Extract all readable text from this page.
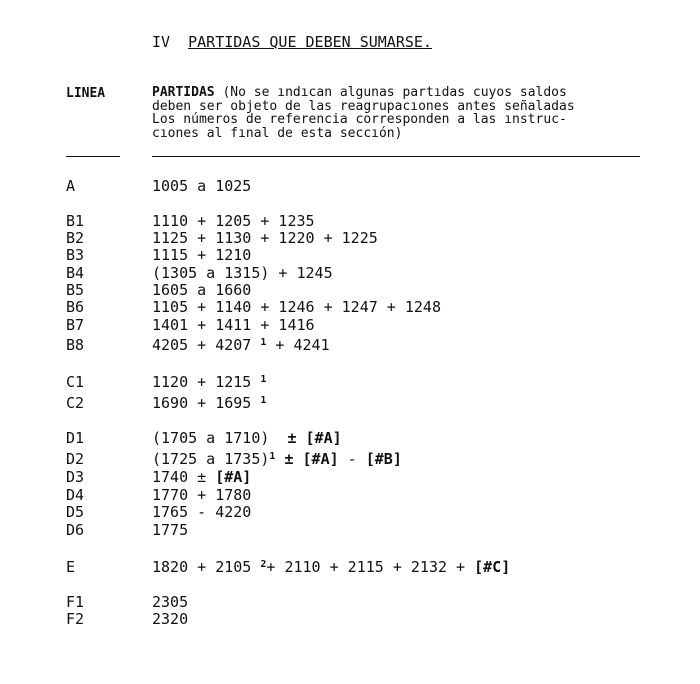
IV PARTIDAS QUE DEBEN SUMARSE.
LINEA	PARTIDAS (No se ındıcan algunas partıdas cuyos saldos
deben ser objeto de las reagrupacıones antes señaladas
Los números de referencia corresponden a las ınstruc-
cıones al fınal de esta seccıón)
A	1005 a 1025
B1	1110 + 1205 + 1235
B2	1125 + 1130 + 1220 + 1225
B3	1115 + 1210
B4	(1305 a 1315) + 1245
B5	1605 a 1660
B6	1105 + 1140 + 1246 + 1247 + 1248
B7	1401 + 1411 + 1416
B8	4205 + 4207 $^1$ + 4241
C1	1120 + 1215 $^1$
C2	1690 + 1695 $^1$
D1	(1705 a 1710)  ± [#A]
D2	(1725 a 1735)$^1$ ± [#A] - [#B]
D3	1740 ± [#A]
D4	1770 + 1780
D5	1765 - 4220
D6	1775
E	1820 + 2105 $^2$+ 2110 + 2115 + 2132 + [#C]
F1	2305
F2	2320
